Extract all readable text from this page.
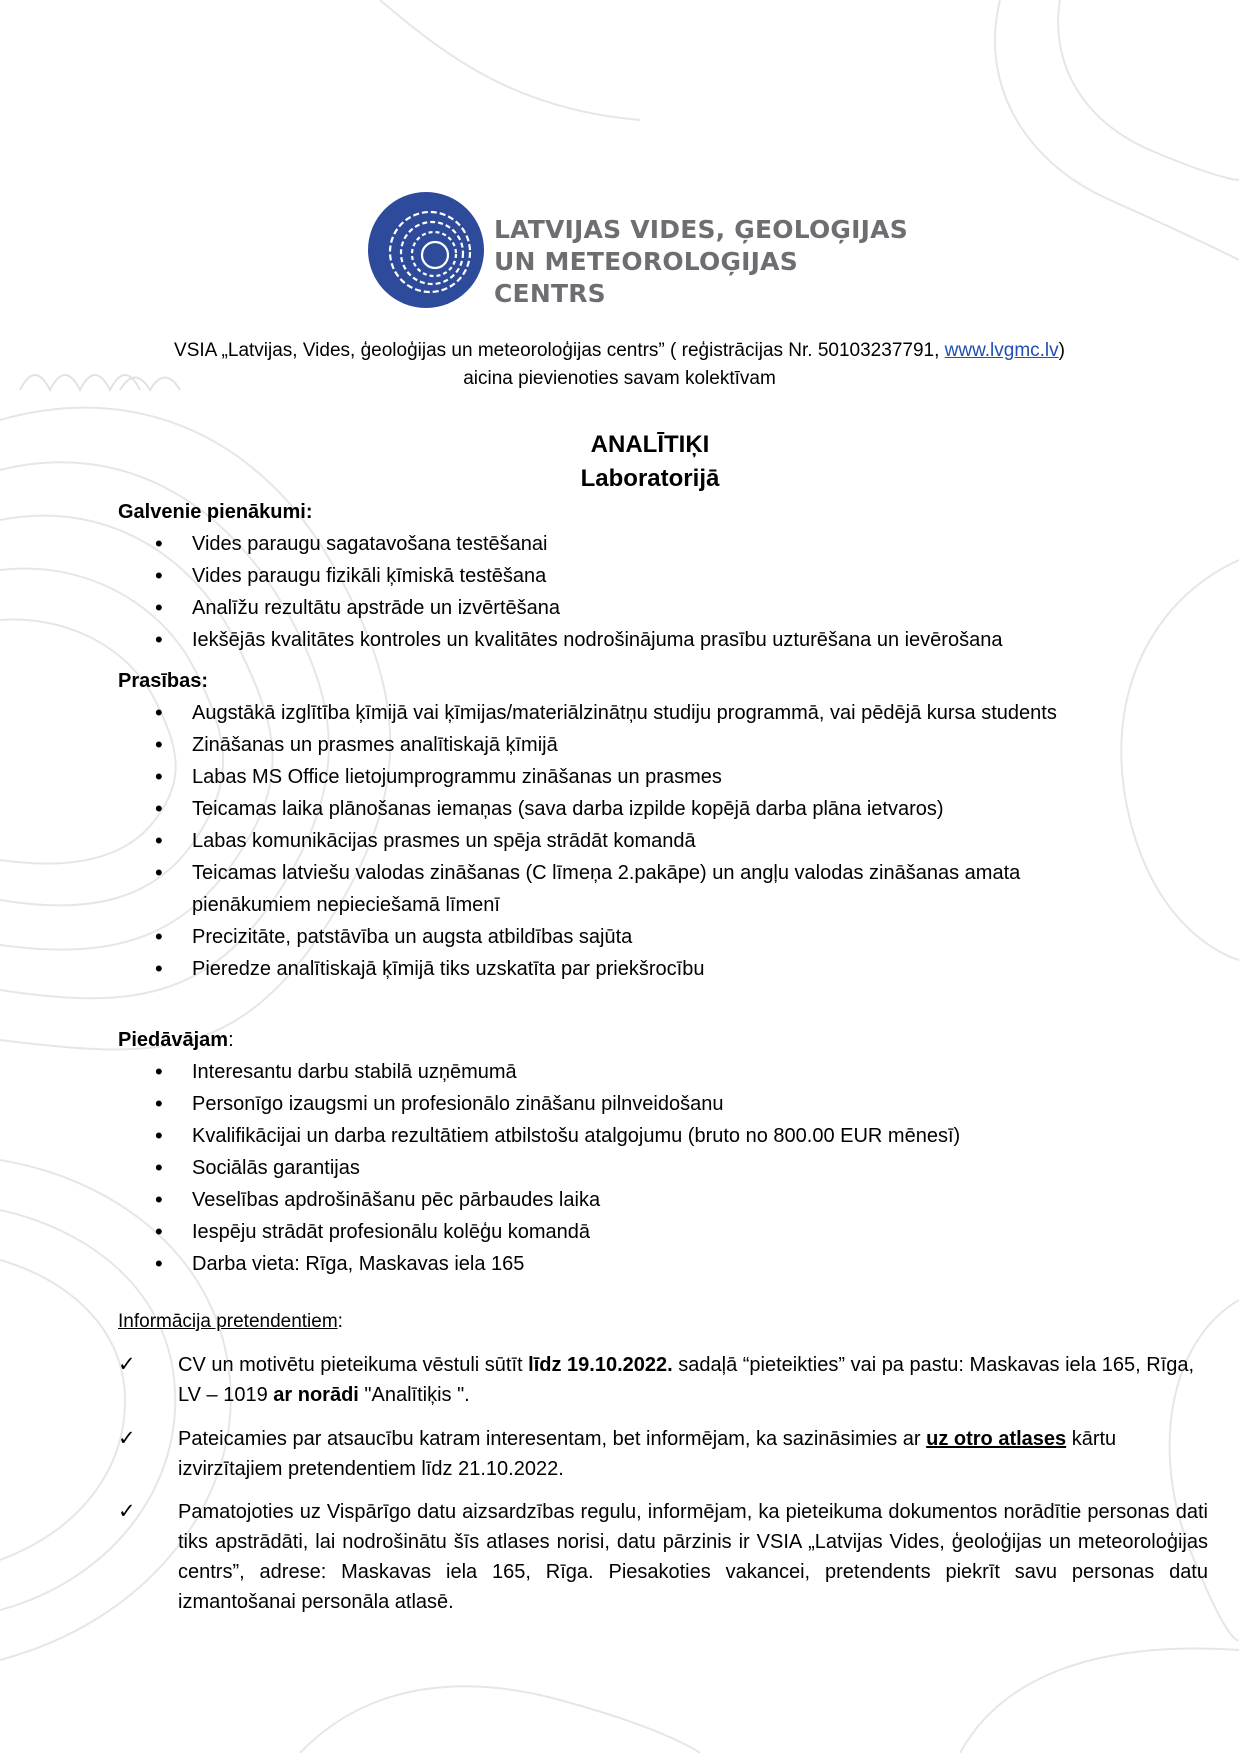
LATVIJAS VIDES, ĢEOLOĢIJAS
UN METEOROLOĢIJAS CENTRS
VSIA „Latvijas, Vides, ģeoloģijas un meteoroloģijas centrs” ( reģistrācijas Nr. 50103237791, www.lvgmc.lv)
aicina pievienoties savam kolektīvam
ANALĪTIĶI
Laboratorijā
Galvenie pienākumi:
• Vides paraugu sagatavošana testēšanai
• Vides paraugu fizikāli ķīmiskā testēšana
• Analīžu rezultātu apstrāde un izvērtēšana
• Iekšējās kvalitātes kontroles un kvalitātes nodrošinājuma prasību uzturēšana un ievērošana
Prasības:
• Augstākā izglītība ķīmijā vai ķīmijas/materiālzinātņu studiju programmā, vai pēdējā kursa students
• Zināšanas un prasmes analītiskajā ķīmijā
• Labas MS Office lietojumprogrammu zināšanas un prasmes
• Teicamas laika plānošanas iemaņas (sava darba izpilde kopējā darba plāna ietvaros)
• Labas komunikācijas prasmes un spēja strādāt komandā
• Teicamas latviešu valodas zināšanas (C līmeņa 2.pakāpe) un angļu valodas zināšanas amata pienākumiem nepieciešamā līmenī
• Precizitāte, patstāvība un augsta atbildības sajūta
• Pieredze analītiskajā ķīmijā tiks uzskatīta par priekšrocību
Piedāvājam:
• Interesantu darbu stabilā uzņēmumā
• Personīgo izaugsmi un profesionālo zināšanu pilnveidošanu
• Kvalifikācijai un darba rezultātiem atbilstošu atalgojumu (bruto no 800.00 EUR mēnesī)
• Sociālās garantijas
• Veselības apdrošināšanu pēc pārbaudes laika
• Iespēju strādāt profesionālu kolēģu komandā
• Darba vieta: Rīga, Maskavas iela 165
Informācija pretendentiem:
✓ CV un motivētu pieteikuma vēstuli sūtīt līdz 19.10.2022. sadaļā “pieteikties” vai pa pastu: Maskavas iela 165, Rīga, LV – 1019 ar norādi "Analītiķis ".
✓ Pateicamies par atsaucību katram interesentam, bet informējam, ka sazināsimies ar uz otro atlases kārtu izvirzītajiem pretendentiem līdz 21.10.2022.
✓ Pamatojoties uz Vispārīgo datu aizsardzības regulu, informējam, ka pieteikuma dokumentos norādītie personas dati tiks apstrādāti, lai nodrošinātu šīs atlases norisi, datu pārzinis ir VSIA „Latvijas Vides, ģeoloģijas un meteoroloģijas centrs”, adrese: Maskavas iela 165, Rīga. Piesakoties vakancei, pretendents piekrīt savu personas datu izmantošanai personāla atlasē.
